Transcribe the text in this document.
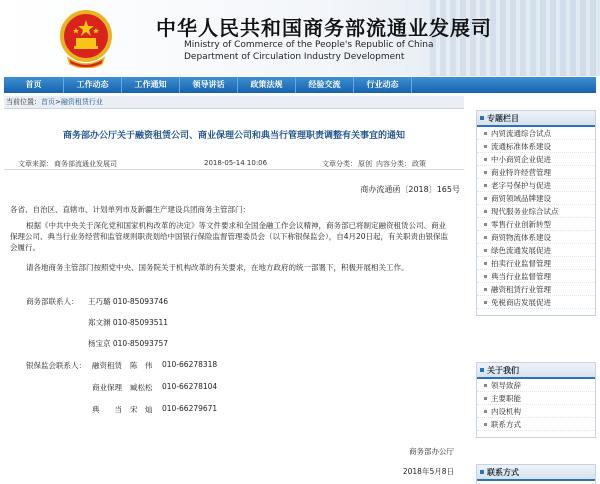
中华人民共和国商务部流通业发展司
Ministry of Commerce of the People's Republic of China
Department of Circulation Industry Development
首页	工作动态	工作通知	领导讲话	政策法规	经验交流	行业动态
当前位置：首页>融资租赁行业
商务部办公厅关于融资租赁公司、商业保理公司和典当行管理职责调整有关事宜的通知
文章来源： 商务部流通业发展司	2018-05-14 10:06	文章分类： 原创 内容分类： 政策
商办流通函〔2018〕165号
各省、自治区、直辖市、计划单列市及新疆生产建设兵团商务主管部门：
根据《中共中央关于深化党和国家机构改革的决定》等文件要求和全国金融工作会议精神，商务部已将制定融资租赁公司、商业保理公司、典当行业务经营和监管规则职责划给中国银行保险监督管理委员会（以下称银保监会），自4月20日起，有关职责由银保监会履行。
请各地商务主管部门按照党中央、国务院关于机构改革的有关要求，在地方政府的统一部署下，积极开展相关工作。
商务部联系人： 王巧璐 010-85093746
郑文渊 010-85093511
杨宝京 010-85093757
银保监会联系人： 融资租赁 陈　伟 010-66278318
商业保理 臧松松 010-66278104
典　　当 宋　灿 010-66279671
商务部办公厅
2018年5月8日
专题栏目
内贸流通综合试点
流通标准体系建设
中小商贸企业促进
商业特许经营管理
老字号保护与促进
商贸领域品牌建设
现代服务业综合试点
零售行业创新转型
商贸物流体系建设
绿色流通发展促进
拍卖行业监督管理
典当行业监督管理
融资租赁行业管理
免税商店发展促进
关于我们
领导致辞
主要职能
内设机构
联系方式
联系方式
